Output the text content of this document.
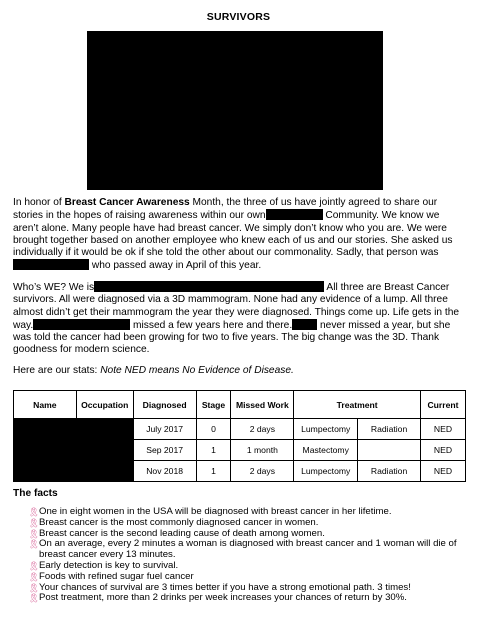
SURVIVORS

In honor of Breast Cancer Awareness Month, the three of us have jointly agreed to share our stories in the hopes of raising awareness within our own	Community. We know we aren’t alone. Many people have had breast cancer. We simply don’t know who you are. We were brought together based on another employee who knew each of us and our stories. She asked us individually if it would be ok if she told the other about our commonality. Sadly, that person was who passed away in April of this year.

Who’s WE? We is	All three are Breast Cancer survivors. All were diagnosed via a 3D mammogram. None had any evidence of a lump. All three almost didn’t get their mammogram the year they were diagnosed. Things come up. Life gets in the way.	missed a few years here and there. never missed a year, but she was told the cancer had been growing for two to five years. The big change was the 3D. Thank goodness for modern science.

Here are our stats: Note NED means No Evidence of Disease.

Name	Occupation	Diagnosed	Stage	Missed Work	Treatment		Current
		July 2017	0	2 days	Lumpectomy	Radiation	NED
		Sep 2017	1	1 month	Mastectomy		NED
		Nov 2018	1	2 days	Lumpectomy	Radiation	NED
The facts
🎗︎ One in eight women in the USA will be diagnosed with breast cancer in her lifetime.
🎗︎ Breast cancer is the most commonly diagnosed cancer in women.
🎗︎ Breast cancer is the second leading cause of death among women.
🎗︎ On an average, every 2 minutes a woman is diagnosed with breast cancer and 1 woman will die of breast cancer every 13 minutes.
🎗︎ Early detection is key to survival.
🎗︎ Foods with refined sugar fuel cancer
🎗︎ Your chances of survival are 3 times better if you have a strong emotional path. 3 times!
🎗︎ Post treatment, more than 2 drinks per week increases your chances of return by 30%.
